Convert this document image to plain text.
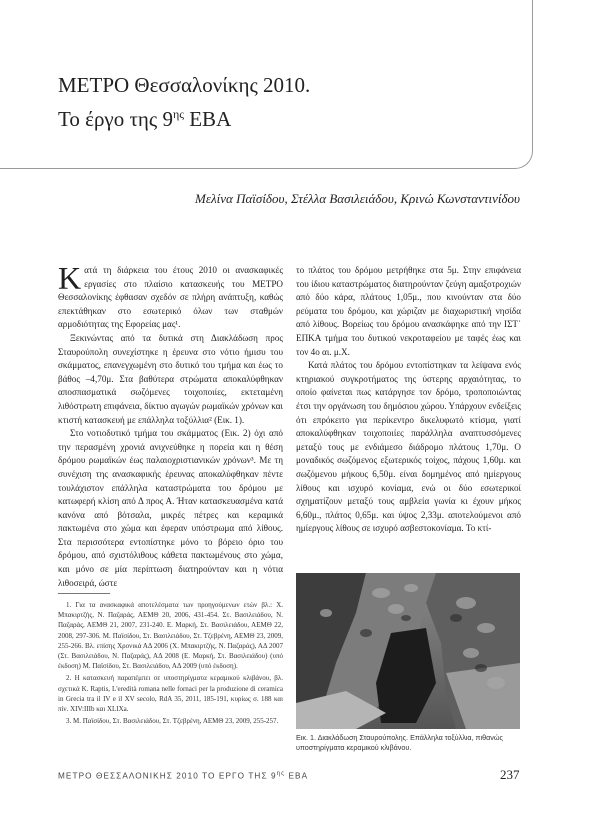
ΜΕΤΡΟ Θεσσαλονίκης 2010.
Το έργο της $9^{\eta\varsigma}$ ΕΒΑ
Μελίνα Παϊσίδου, Στέλλα Βασιλειάδου, Κρινώ Κωνσταντινίδου

Κατά τη διάρκεια του έτους 2010 οι ανασκαφικές εργασίες στο πλαίσιο κατασκευής του ΜΕΤΡΟ Θεσσαλονίκης έφθασαν σχεδόν σε πλήρη ανάπτυξη, καθώς επεκτάθηκαν στο εσωτερικό όλων των σταθμών αρμοδιότητας της Εφορείας μας¹.

Ξεκινώντας από τα δυτικά στη Διακλάδωση προς Σταυρούπολη συνεχίστηκε η έρευνα στο νότιο ήμισυ του σκάμματος, επανεγχωμένη στο δυτικό του τμήμα και έως το βάθος –4,70μ. Στα βαθύτερα στρώματα αποκαλύφθηκαν αποσπασματικά σωζόμενες τοιχοποιίες, εκτεταμένη λιθόστρωτη επιφάνεια, δίκτυο αγωγών ρωμαϊκών χρόνων και κτιστή κατασκευή με επάλληλα τοξύλλια² (Εικ. 1).

Στο νοτιοδυτικό τμήμα του σκάμματος (Εικ. 2) όχι από την περασμένη χρονιά ανιχνεύθηκε η πορεία και η θέση δρόμου ρωμαϊκών έως παλαιοχριστιανικών χρόνων³. Με τη συνέχιση της ανασκαφικής έρευνας αποκαλύφθηκαν πέντε τουλάχιστον επάλληλα καταστρώματα του δρόμου με κατωφερή κλίση από Δ προς Α. Ήταν κατασκευασμένα κατά κανόνα από βότσαλα, μικρές πέτρες και κεραμικά πακτωμένα στο χώμα και έφεραν υπόστρωμα από λίθους. Στα περισσότερα εντοπίστηκε μόνο το βόρειο όριο του δρόμου, από σχιστόλιθους κάθετα πακτωμένους στο χώμα, και μόνο σε μία περίπτωση διατηρούνταν και η νότια λιθοσειρά, ώστε

το πλάτος του δρόμου μετρήθηκε στα 5μ. Στην επιφάνεια του ίδιου καταστρώματος διατηρούνταν ζεύγη αμαξοτροχιών από δύο κάρα, πλάτους 1,05μ., που κινούνταν στα δύο ρεύματα του δρόμου, και χώριζαν με διαχωριστική νησίδα από λίθους. Βορείως του δρόμου ανασκάφηκε από την ΙΣΤ΄ ΕΠΚΑ τμήμα του δυτικού νεκροταφείου με ταφές έως και τον 4ο αι. μ.Χ.

Κατά πλάτος του δρόμου εντοπίστηκαν τα λείψανα ενός κτηριακού συγκροτήματος της ύστερης αρχαιότητας, το οποίο φαίνεται πως κατάργησε τον δρόμο, τροποποιώντας έτσι την οργάνωση του δημόσιου χώρου. Υπάρχουν ενδείξεις ότι επρόκειτο για περίκεντρο δικελυφωτό κτίσμα, γιατί αποκαλύφθηκαν τοιχοποιίες παράλληλα αναπτυσσόμενες μεταξύ τους με ενδιάμεσο διάδρομο πλάτους 1,70μ. Ο μοναδικός σωζόμενος εξωτερικός τοίχος, πάχους 1,60μ. και σωζόμενου μήκους 6,50μ. είναι δομημένος από ημίεργους λίθους και ισχυρό κονίαμα, ενώ οι δύο εσωτερικοί σχηματίζουν μεταξύ τους αμβλεία γωνία κι έχουν μήκος 6,60μ., πλάτος 0,65μ. και ύψος 2,33μ. αποτελούμενοι από ημίεργους λίθους σε ισχυρό ασβεστοκονίαμα. Το κτί-

1. Για τα ανασκαφικά αποτελέσματα των προηγούμενων ετών βλ.: Χ. Μπακιρτζής, Ν. Παζαράς, ΑΕΜΘ 20, 2006, 431-454. Στ. Βασιλειάδου, Ν. Παζαράς, ΑΕΜΘ 21, 2007, 231-240. Ε. Μαρκή, Στ. Βασιλειάδου, ΑΕΜΘ 22, 2008, 297-306. Μ. Παϊσίδου, Στ. Βασιλειάδου, Στ. Τζεβρένη, ΑΕΜΘ 23, 2009, 255-266. Βλ. επίσης Χρονικά ΑΔ 2006 (Χ. Μπακιρτζής, Ν. Παζαράς), ΑΔ 2007 (Στ. Βασιλειάδου, Ν. Παζαράς), ΑΔ 2008 (Ε. Μαρκή, Στ. Βασιλειάδου) (υπό έκδοση) Μ. Παϊσίδου, Στ. Βασιλειάδου, ΑΔ 2009 (υπό έκδοση).

2. Η κατασκευή παραπέμπει σε υποστηρίγματα κεραμικού κλιβάνου, βλ. σχετικά K. Raptis, L'eredità romana nelle fornaci per la produzione di ceramica in Grecia tra il IV e il XV secolo, RdA 35, 2011, 185-191, κυρίως σ. 188 και πίν. XIV:IIIb και XLIXa.

3. Μ. Παϊσίδου, Στ. Βασιλειάδου, Στ. Τζεβρένη, ΑΕΜΘ 23, 2009, 255-257.

Εικ. 1. Διακλάδωση Σταυρούπολης. Επάλληλα τοξύλλια, πιθανώς υποστηρίγματα κεραμικού κλιβάνου.
ΜΕΤΡΟ ΘΕΣΣΑΛΟΝΙΚΗΣ 2010 ΤΟ ΕΡΓΟ ΤΗΣ $9^{\eta\varsigma}$ ΕΒΑ	237
